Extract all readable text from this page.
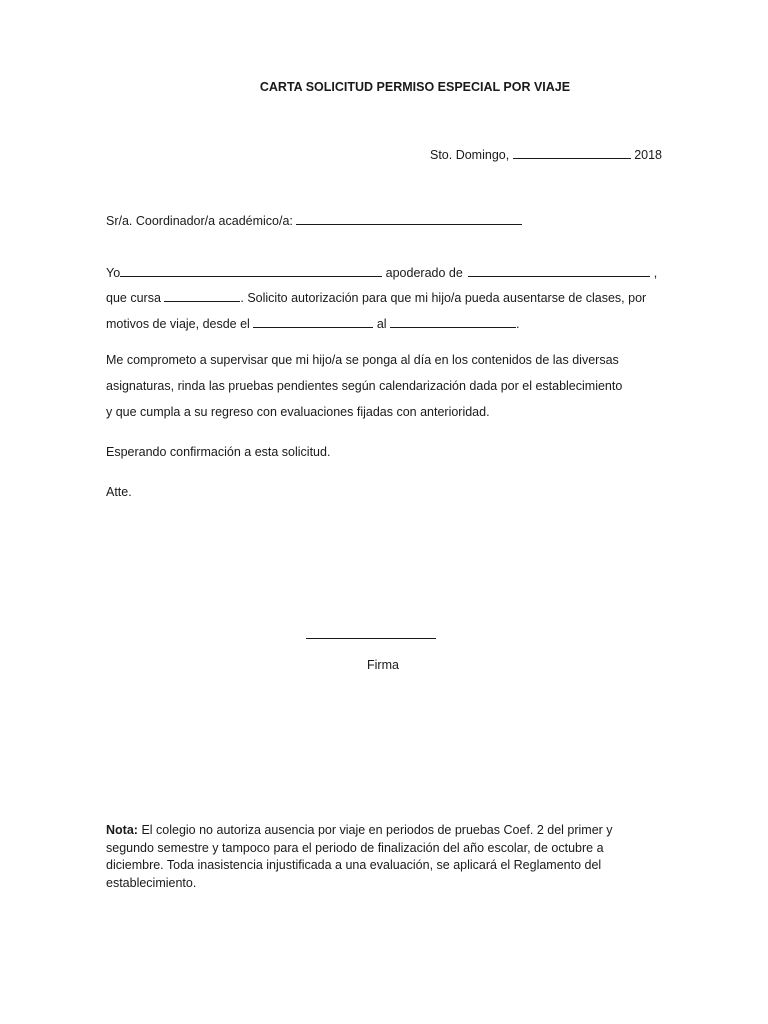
CARTA SOLICITUD PERMISO ESPECIAL POR VIAJE
Sto. Domingo,	2018
Sr/a. Coordinador/a académico/a:
Yo	apoderado de	,
que cursa	. Solicito autorización para que mi hijo/a pueda ausentarse de clases, por
motivos de viaje, desde el	al	.
Me comprometo a supervisar que mi hijo/a se ponga al día en los contenidos de las diversas
asignaturas, rinda las pruebas pendientes según calendarización dada por el establecimiento
y que cumpla a su regreso con evaluaciones fijadas con anterioridad.
Esperando confirmación a esta solicitud.
Atte.
Firma
Nota: El colegio no autoriza ausencia por viaje en periodos de pruebas Coef. 2 del primer y segundo semestre y tampoco para el periodo de finalización del año escolar, de octubre a diciembre. Toda inasistencia injustificada a una evaluación, se aplicará el Reglamento del establecimiento.
